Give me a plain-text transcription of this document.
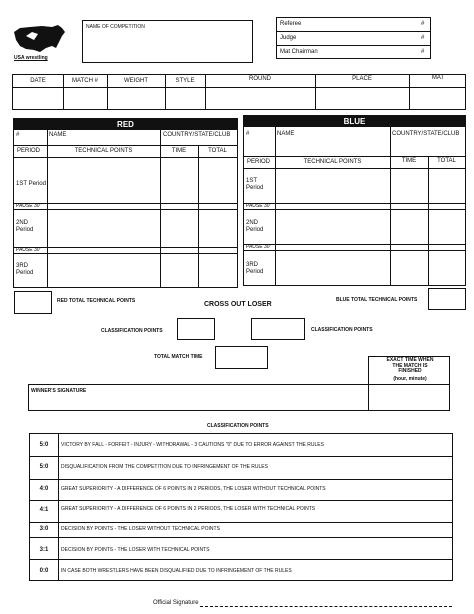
USA wrestling
NAME OF COMPETITION	Referee	#
Judge	#
Mat Chairman	#
DATE	MATCH #	WEIGHT	STYLE	ROUND	PLACE	MAT
RED
#	NAME	COUNTRY/STATE/CLUB
PERIOD	TECHNICAL POINTS	TIME	TOTAL
1ST Period
PAUSE 30"
2ND Period
PAUSE 30"
3RD Period
BLUE
#	NAME	COUNTRY/STATE/CLUB
PERIOD	TECHNICAL POINTS	TIME	TOTAL
1ST Period
PAUSE 30"
2ND Period
PAUSE 30"
3RD Period
RED TOTAL TECHNICAL POINTS	CROSS OUT LOSER
BLUE TOTAL TECHNICAL POINTS
CLASSIFICATION POINTS	CLASSIFICATION POINTS
TOTAL MATCH TIME
WINNER'S SIGNATURE
EXACT TIME WHEN THE MATCH IS FINISHED
(hour, minute)
CLASSIFICATION POINTS
5:0	VICTORY BY FALL - FORFEIT - INJURY - WITHDRAWAL - 3 CAUTIONS "0" DUE TO ERROR AGAINST THE RULES
5:0	DISQUALIFICATION FROM THE COMPETITION DUE TO INFRINGEMENT OF THE RULES
4:0	GREAT SUPERIORITY - A DIFFERENCE OF 6 POINTS IN 2 PERIODS, THE LOSER WITHOUT TECHNICAL POINTS
4:1	GREAT SUPERIORITY - A DIFFERENCE OF 6 POINTS IN 2 PERIODS, THE LOSER WITH TECHNICAL POINTS
3:0	DECISION BY POINTS - THE LOSER WITHOUT TECHNICAL POINTS
3:1	DECISION BY POINTS - THE LOSER WITH TECHNICAL POINTS
0:0	IN CASE BOTH WRESTLERS HAVE BEEN DISQUALIFIED DUE TO INFRINGEMENT OF THE RULES
Official Signature
